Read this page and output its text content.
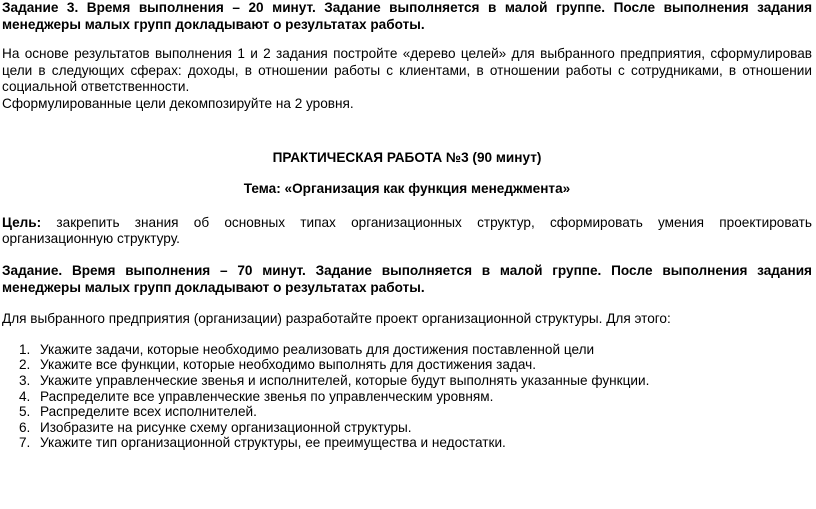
Задание 3. Время выполнения – 20 минут. Задание выполняется в малой группе. После выполнения задания менеджеры малых групп докладывают о результатах работы.

На основе результатов выполнения 1 и 2 задания постройте «дерево целей» для выбранного предприятия, сформулировав цели в следующих сферах: доходы, в отношении работы с клиентами, в отношении работы с сотрудниками, в отношении социальной ответственности.

Сформулированные цели декомпозируйте на 2 уровня.

ПРАКТИЧЕСКАЯ РАБОТА №3 (90 минут)

Тема: «Организация как функция менеджмента»

Цель: закрепить знания об основных типах организационных структур, сформировать умения проектировать организационную структуру.

Задание. Время выполнения – 70 минут. Задание выполняется в малой группе. После выполнения задания менеджеры малых групп докладывают о результатах работы.

Для выбранного предприятия (организации) разработайте проект организационной структуры. Для этого:

1. Укажите задачи, которые необходимо реализовать для достижения поставленной цели
2. Укажите все функции, которые необходимо выполнять для достижения задач.
3. Укажите управленческие звенья и исполнителей, которые будут выполнять указанные функции.
4. Распределите все управленческие звенья по управленческим уровням.
5. Распределите всех исполнителей.
6. Изобразите на рисунке схему организационной структуры.
7. Укажите тип организационной структуры, ее преимущества и недостатки.
